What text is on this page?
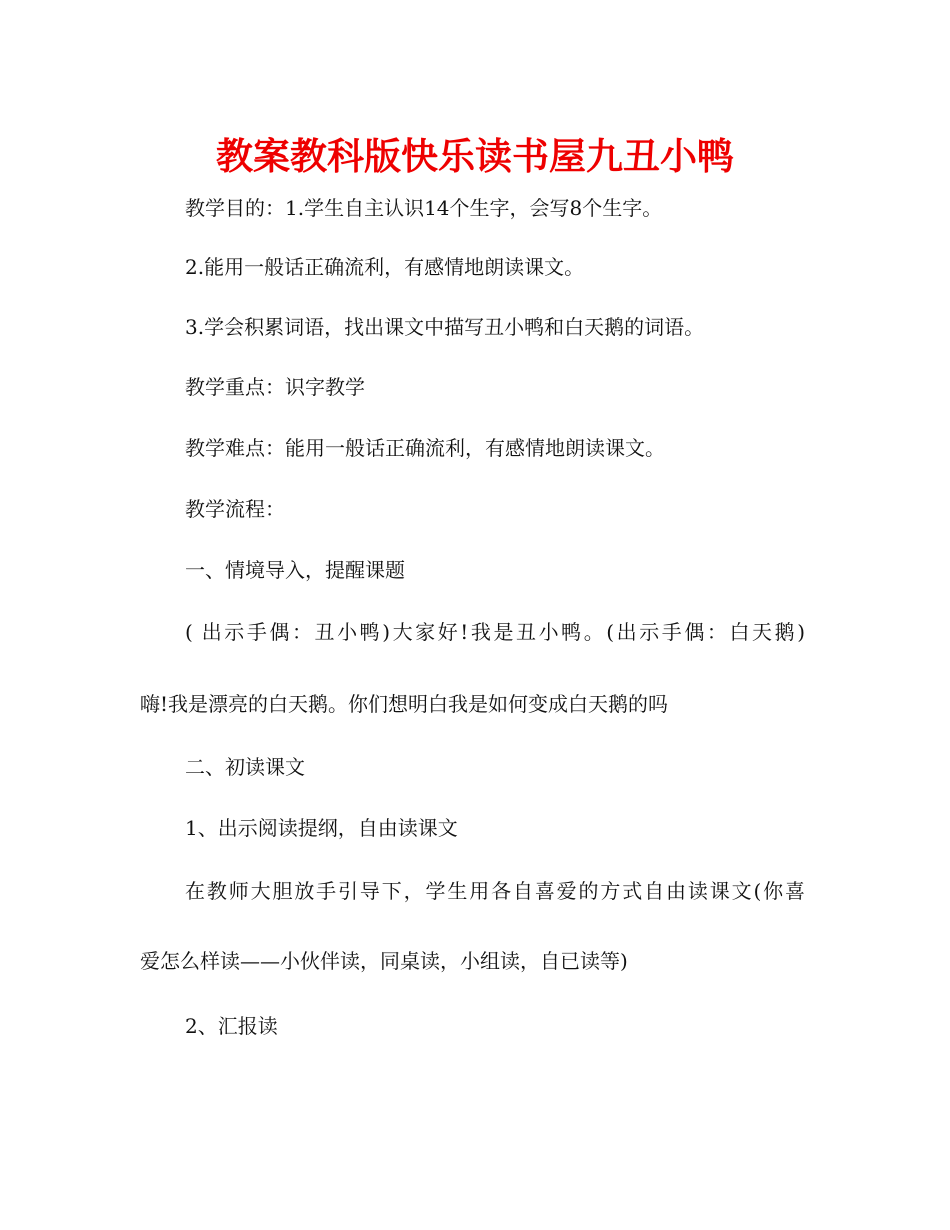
教案教科版快乐读书屋九丑小鸭

教学目的：1.学生自主认识14个生字，会写8个生字。

2.能用一般话正确流利，有感情地朗读课文。

3.学会积累词语，找出课文中描写丑小鸭和白天鹅的词语。

教学重点：识字教学

教学难点：能用一般话正确流利，有感情地朗读课文。

教学流程：

一、情境导入，提醒课题

( 出示手偶：丑小鸭)大家好!我是丑小鸭。(出示手偶：白天鹅)

嗨!我是漂亮的白天鹅。你们想明白我是如何变成白天鹅的吗

二、初读课文

1、出示阅读提纲，自由读课文

在教师大胆放手引导下，学生用各自喜爱的方式自由读课文(你喜

爱怎么样读——小伙伴读，同桌读，小组读，自已读等)

2、汇报读
